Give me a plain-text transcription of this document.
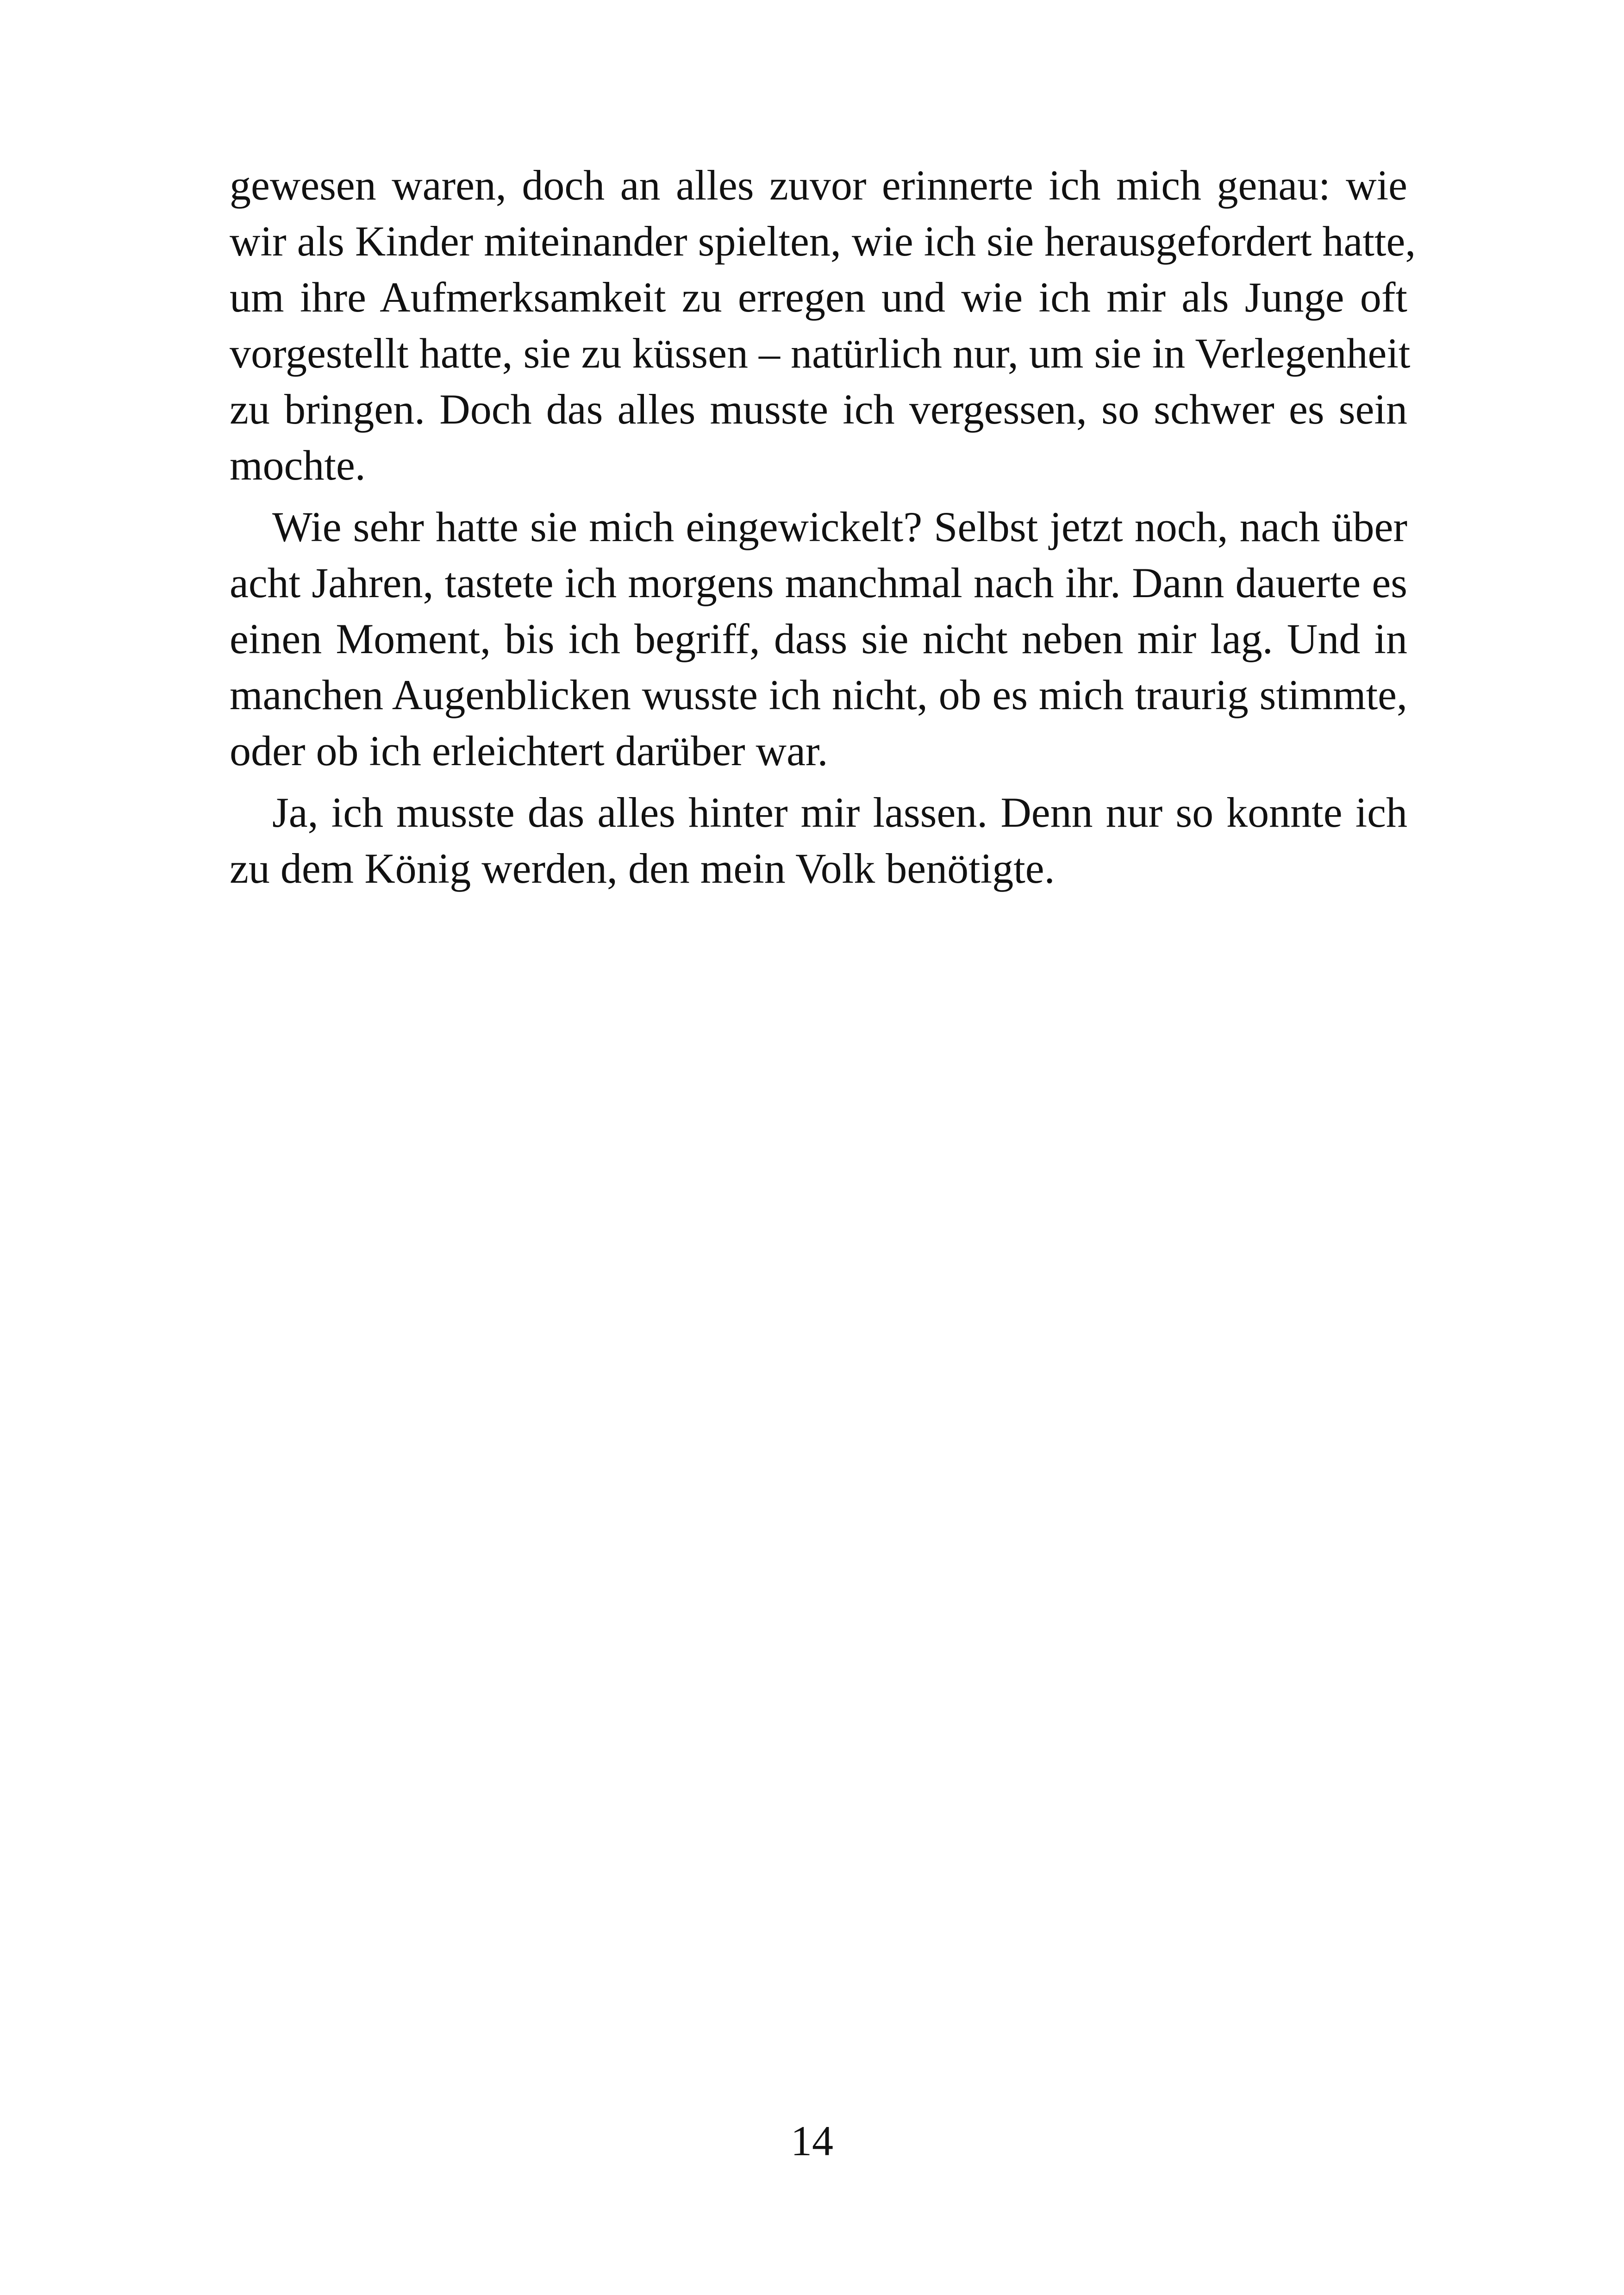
gewesen waren, doch an alles zuvor erinnerte ich mich genau: wie
wir als Kinder miteinander spielten, wie ich sie herausgefordert hatte,
um ihre Aufmerksamkeit zu erregen und wie ich mir als Junge oft
vorgestellt hatte, sie zu küssen – natürlich nur, um sie in Verlegenheit
zu bringen. Doch das alles musste ich vergessen, so schwer es sein
mochte.
Wie sehr hatte sie mich eingewickelt? Selbst jetzt noch, nach über
acht Jahren, tastete ich morgens manchmal nach ihr. Dann dauerte es
einen Moment, bis ich begriff, dass sie nicht neben mir lag. Und in
manchen Augenblicken wusste ich nicht, ob es mich traurig stimmte,
oder ob ich erleichtert darüber war.
Ja, ich musste das alles hinter mir lassen. Denn nur so konnte ich
zu dem König werden, den mein Volk benötigte.
14
